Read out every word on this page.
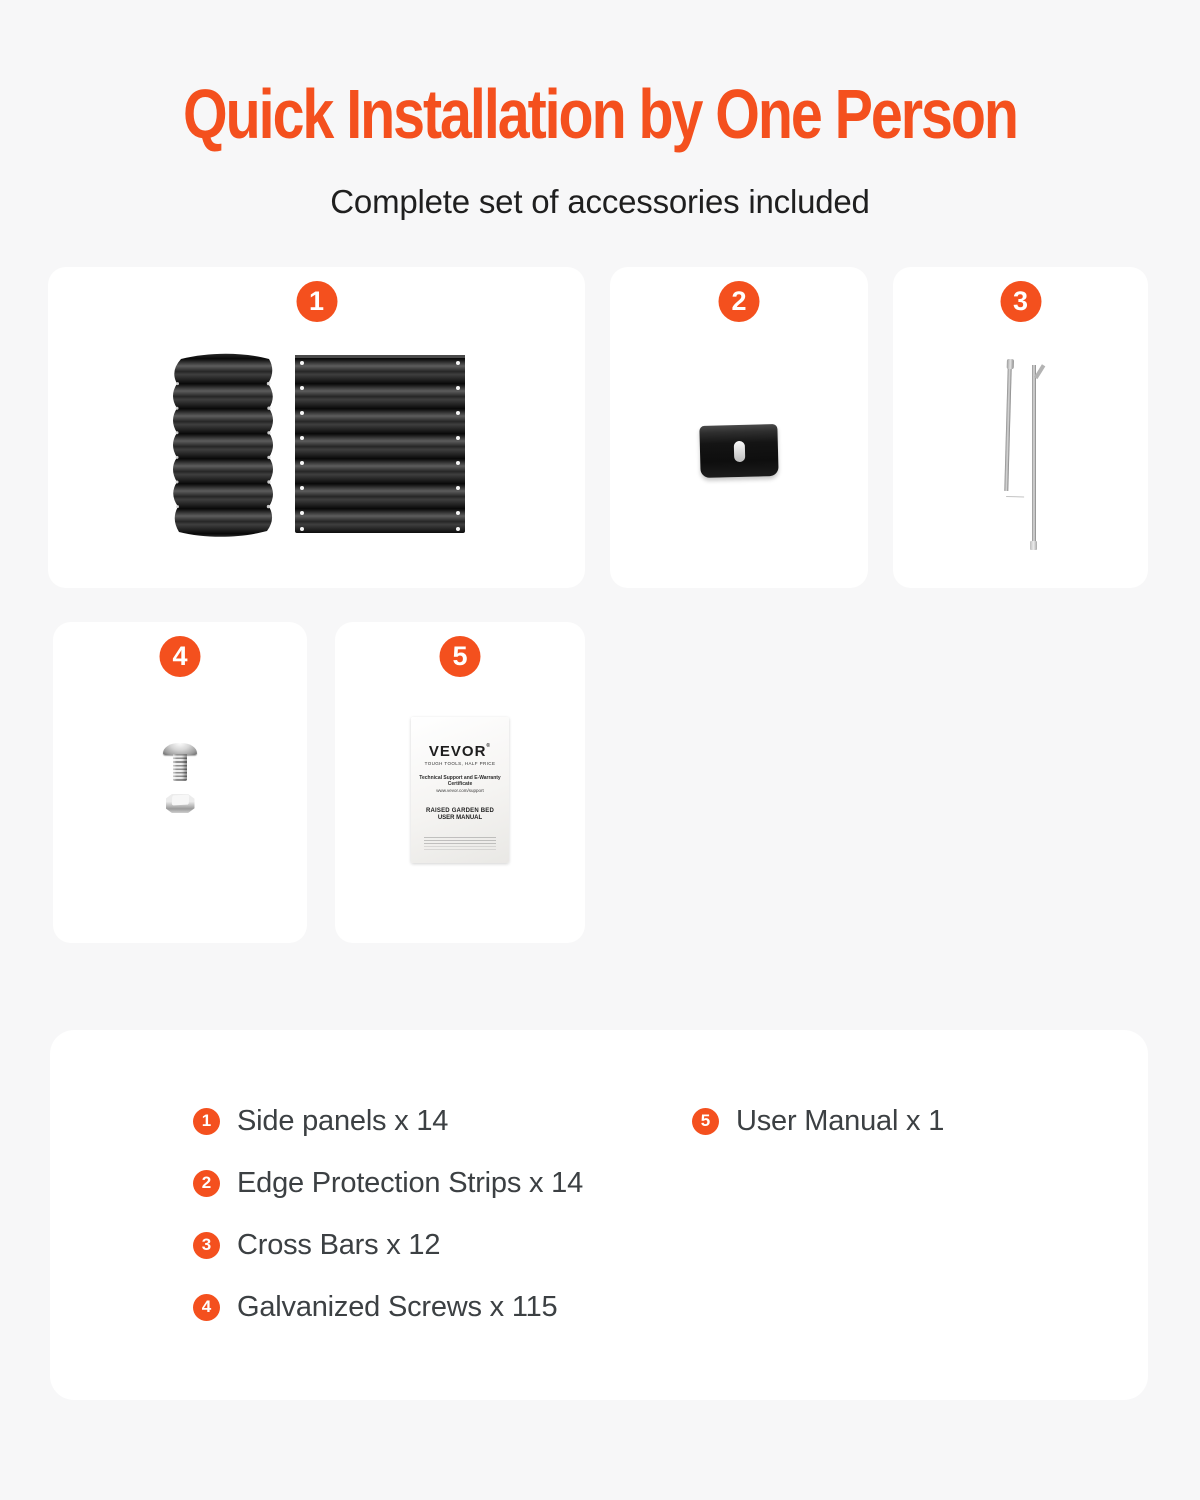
Quick Installation by One Person
Complete set of accessories included
1	2	3
4	5
VEVOR®
TOUGH TOOLS, HALF PRICE
Technical Support and E-Warranty Certificate
www.vevor.com/support
RAISED GARDEN BED
USER MANUAL
1 Side panels x 14
2 Edge Protection Strips x 14
3 Cross Bars x 12
4 Galvanized Screws x 115
5 User Manual x 1
